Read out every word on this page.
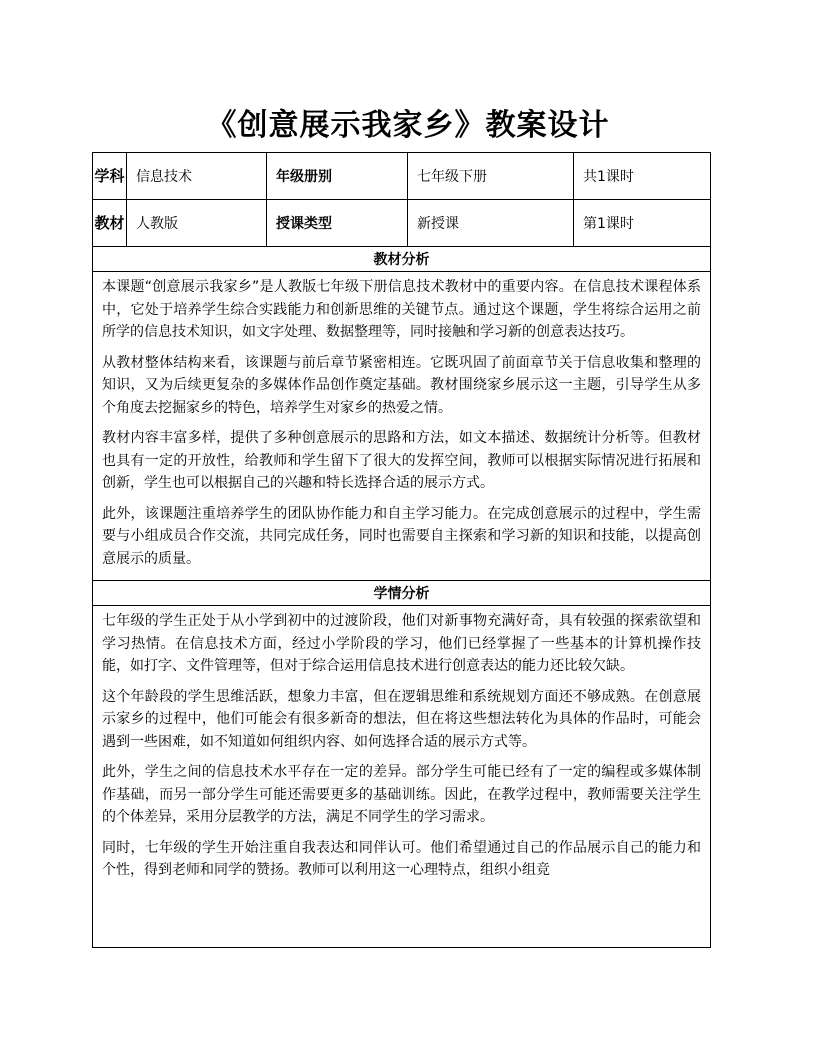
《创意展示我家乡》教案设计
学科	信息技术	年级册别	七年级下册	共1课时
教材	人教版	授课类型	新授课	第1课时
教材分析				

本课题“创意展示我家乡”是人教版七年级下册信息技术教材中的重要内容。在信息技术课程体系中，它处于培养学生综合实践能力和创新思维的关键节点。通过这个课题，学生将综合运用之前所学的信息技术知识，如文字处理、数据整理等，同时接触和学习新的创意表达技巧。

从教材整体结构来看，该课题与前后章节紧密相连。它既巩固了前面章节关于信息收集和整理的知识，又为后续更复杂的多媒体作品创作奠定基础。教材围绕家乡展示这一主题，引导学生从多个角度去挖掘家乡的特色，培养学生对家乡的热爱之情。

教材内容丰富多样，提供了多种创意展示的思路和方法，如文本描述、数据统计分析等。但教材也具有一定的开放性，给教师和学生留下了很大的发挥空间，教师可以根据实际情况进行拓展和创新，学生也可以根据自己的兴趣和特长选择合适的展示方式。

此外，该课题注重培养学生的团队协作能力和自主学习能力。在完成创意展示的过程中，学生需要与小组成员合作交流，共同完成任务，同时也需要自主探索和学习新的知识和技能，以提高创意展示的质量。				

学情分析				

七年级的学生正处于从小学到初中的过渡阶段，他们对新事物充满好奇，具有较强的探索欲望和学习热情。在信息技术方面，经过小学阶段的学习，他们已经掌握了一些基本的计算机操作技能，如打字、文件管理等，但对于综合运用信息技术进行创意表达的能力还比较欠缺。

这个年龄段的学生思维活跃，想象力丰富，但在逻辑思维和系统规划方面还不够成熟。在创意展示家乡的过程中，他们可能会有很多新奇的想法，但在将这些想法转化为具体的作品时，可能会遇到一些困难，如不知道如何组织内容、如何选择合适的展示方式等。

此外，学生之间的信息技术水平存在一定的差异。部分学生可能已经有了一定的编程或多媒体制作基础，而另一部分学生可能还需要更多的基础训练。因此，在教学过程中，教师需要关注学生的个体差异，采用分层教学的方法，满足不同学生的学习需求。

同时，七年级的学生开始注重自我表达和同伴认可。他们希望通过自己的作品展示自己的能力和个性，得到老师和同学的赞扬。教师可以利用这一心理特点，组织小组竞				
